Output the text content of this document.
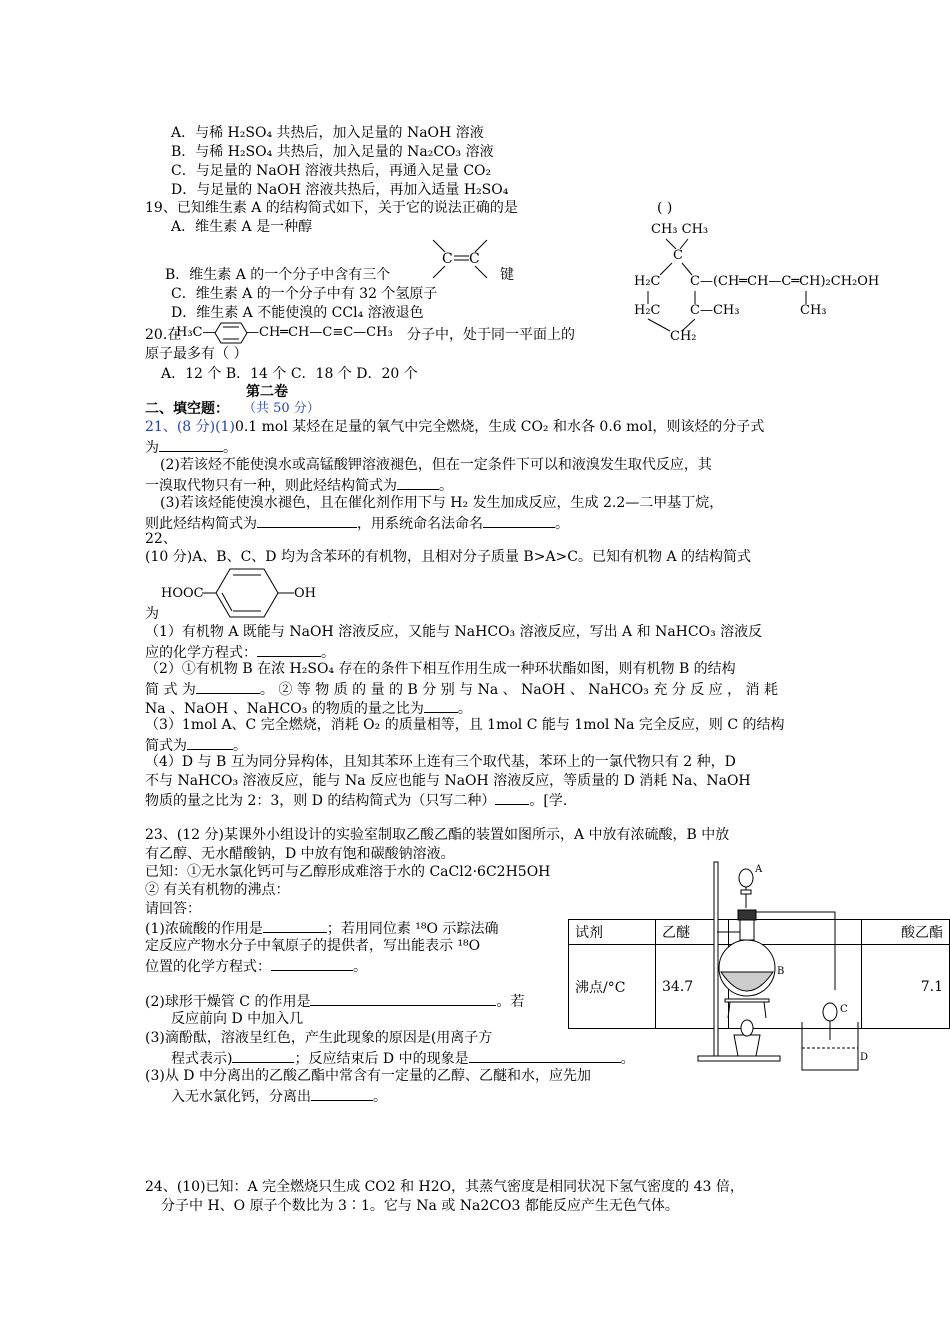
A．与稀 H₂SO₄ 共热后，加入足量的 NaOH 溶液
B．与稀 H₂SO₄ 共热后，加入足量的 Na₂CO₃ 溶液
C．与足量的 NaOH 溶液共热后，再通入足量 CO₂
D．与足量的 NaOH 溶液共热后，再加入适量 H₂SO₄
19、已知维生素 A 的结构简式如下，关于它的说法正确的是	( )
A．维生素 A 是一种醇
C C
B．维生素 A 的一个分子中含有三个	键
C．维生素 A 的一个分子中有 32 个氢原子
D．维生素 A 不能使溴的 CCl₄ 溶液退色
CH₃ CH₃
C
H₂C C—(CH═CH—C═CH)₂CH₂OH
H₂C C—CH₃	CH₃
CH₂
20.在
H₃C— —CH═CH—C≡C—CH₃ 分子中，处于同一平面上的
原子最多有（ ）
A．12 个 B．14 个 C．18 个 D．20 个
第二卷
二、填空题： （共 50 分）
21、(8 分)(1)0.1 mol 某烃在足量的氧气中完全燃烧，生成 CO₂ 和水各 0.6 mol，则该烃的分子式
为	。
(2)若该烃不能使溴水或高锰酸钾溶液褪色，但在一定条件下可以和液溴发生取代反应，其
一溴取代物只有一种，则此烃结构简式为	。
(3)若该烃能使溴水褪色，且在催化剂作用下与 H₂ 发生加成反应，生成 2.2—二甲基丁烷，
则此烃结构简式为	，用系统命名法命名	。
22、
(10 分)A、B、C、D 均为含苯环的有机物，且相对分子质量 B>A>C。已知有机物 A 的结构简式
HOOC	OH
为
（1）有机物 A 既能与 NaOH 溶液反应，又能与 NaHCO₃ 溶液反应，写出 A 和 NaHCO₃ 溶液反
应的化学方程式：	。
（2）①有机物 B 在浓 H₂SO₄ 存在的条件下相互作用生成一种环状酯如图，则有机物 B 的结构
简 式 为	。 ② 等 物 质 的 量 的 B 分 别 与 Na 、 NaOH 、 NaHCO₃ 充 分 反 应 ， 消 耗
Na 、NaOH 、NaHCO₃ 的物质的量之比为 。
（3）1mol A、C 完全燃烧，消耗 O₂ 的质量相等，且 1mol C 能与 1mol Na 完全反应，则 C 的结构
简式为	。
（4）D 与 B 互为同分异构体，且知其苯环上连有三个取代基，苯环上的一氯代物只有 2 种，D
不与 NaHCO₃ 溶液反应，能与 Na 反应也能与 NaOH 溶液反应，等质量的 D 消耗 Na、NaOH
物质的量之比为 2：3，则 D 的结构简式为（只写二种） 。[学.
23、(12 分)某课外小组设计的实验室制取乙酸乙酯的装置如图所示，A 中放有浓硫酸，B 中放
有乙醇、无水醋酸钠，D 中放有饱和碳酸钠溶液。
已知：①无水氯化钙可与乙醇形成难溶于水的 CaCl2·6C2H5OH
② 有关有机物的沸点：
请回答：
(1)浓硫酸的作用是	；若用同位素 ¹⁸O 示踪法确
定反应产物水分子中氧原子的提供者，写出能表示 ¹⁸O
位置的化学方程式：	。
(2)球形干燥管 C 的作用是	。若
反应前向 D 中加入几
(3)滴酚酞，溶液呈红色，产生此现象的原因是(用离子方
程式表示)	；反应结束后 D 中的现象是	。
(3)从 D 中分离出的乙酸乙酯中常含有一定量的乙醇、乙醚和水，应先加
入无水氯化钙，分离出	。
试剂	乙醚		酸乙酯
沸点/°C	34.7		7.1
A
B
C
D
24、(10)已知：A 完全燃烧只生成 CO2 和 H2O，其蒸气密度是相同状况下氢气密度的 43 倍，
分子中 H、O 原子个数比为 3∶1。它与 Na 或 Na2CO3 都能反应产生无色气体。
